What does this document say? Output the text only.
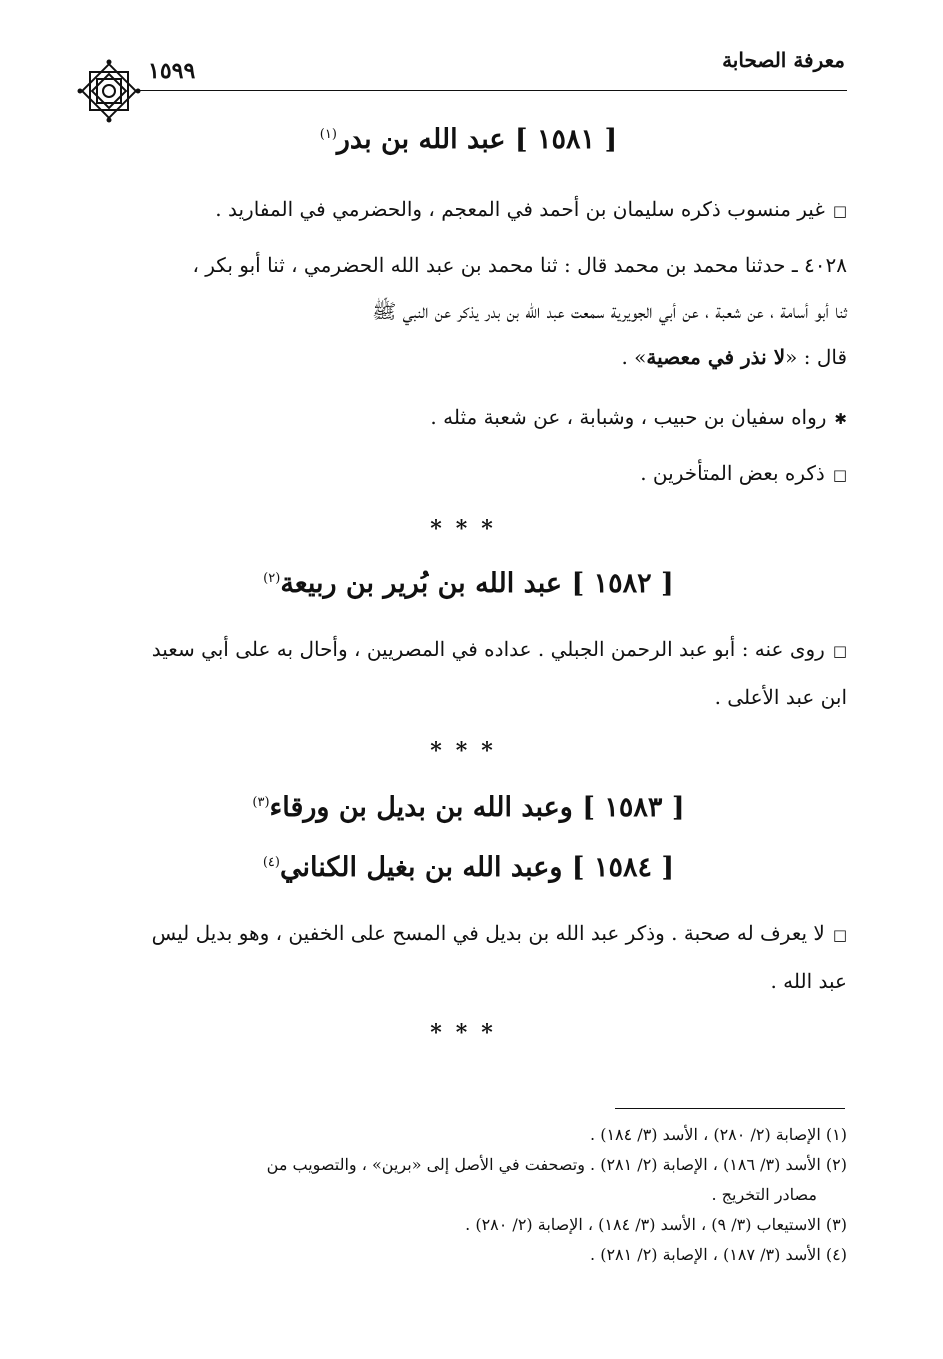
معرفة الصحابة
١٥٩٩
[ ١٥٨١ ] عبد الله بن بدر$^{(١)}$
□غير منسوب ذكره سليمان بن أحمد في المعجم ، والحضرمي في المفاريد .
٤٠٢٨ ـ حدثنا محمد بن محمد قال : ثنا محمد بن عبد الله الحضرمي ، ثنا أبو بكر ،
ثنا أبو أسامة ، عن شعبة ، عن أبي الجويرية سمعت عبد الله بن بدر يذكر عن النبي ﷺ
قال : «لا نذر في معصية» .
✱رواه سفيان بن حبيب ، وشبابة ، عن شعبة مثله .
□ذكره بعض المتأخرين .
***
[ ١٥٨٢ ] عبد الله بن بُرير بن ربيعة$^{(٢)}$
□روى عنه : أبو عبد الرحمن الجبلي . عداده في المصريين ، وأحال به على أبي سعيد
ابن عبد الأعلى .
***
[ ١٥٨٣ ] وعبد الله بن بديل بن ورقاء$^{(٣)}$
[ ١٥٨٤ ] وعبد الله بن بغيل الكناني$^{(٤)}$
□لا يعرف له صحبة . وذكر عبد الله بن بديل في المسح على الخفين ، وهو بديل ليس
عبد الله .
***
(١) الإصابة (٢/ ٢٨٠) ، الأسد (٣/ ١٨٤) .
(٢) الأسد (٣/ ١٨٦) ، الإصابة (٢/ ٢٨١) . وتصحفت في الأصل إلى «برين» ، والتصويب من
مصادر التخريج .
(٣) الاستيعاب (٣/ ٩) ، الأسد (٣/ ١٨٤) ، الإصابة (٢/ ٢٨٠) .
(٤) الأسد (٣/ ١٨٧) ، الإصابة (٢/ ٢٨١) .
